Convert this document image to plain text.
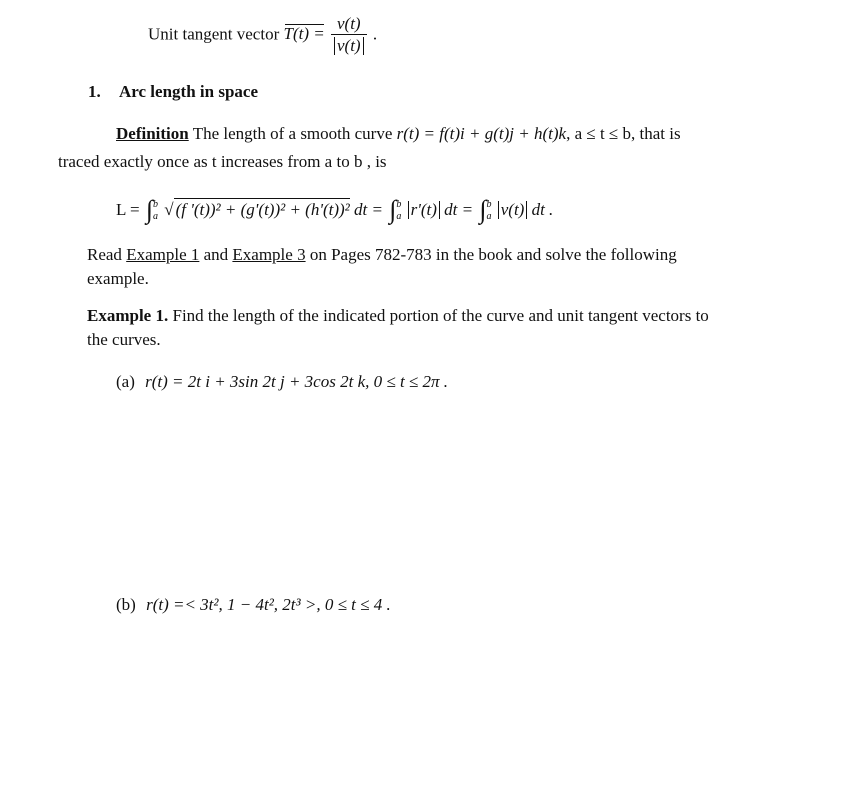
Unit tangent vector $T(t) = \frac{v(t)}{v(t)}$ .
1. Arc length in space
Definition The length of a smooth curve r(t) = f(t)i + g(t)j + h(t)k, a ≤ t ≤ b, that is
traced exactly once as t increases from a to b , is
L = ∫ b
a √ (f '(t))² + (g'(t))² + (h'(t))² dt = ∫ b
a r'(t) dt = ∫ b
a v(t) dt .
Read Example 1 and Example 3 on Pages 782-783 in the book and solve the following
example.
Example 1. Find the length of the indicated portion of the curve and unit tangent vectors to
the curves.
(a) r(t) = 2t i + 3sin 2t j + 3cos 2t k, 0 ≤ t ≤ 2π .
(b) r(t) =< 3t², 1 − 4t², 2t³ >, 0 ≤ t ≤ 4 .
